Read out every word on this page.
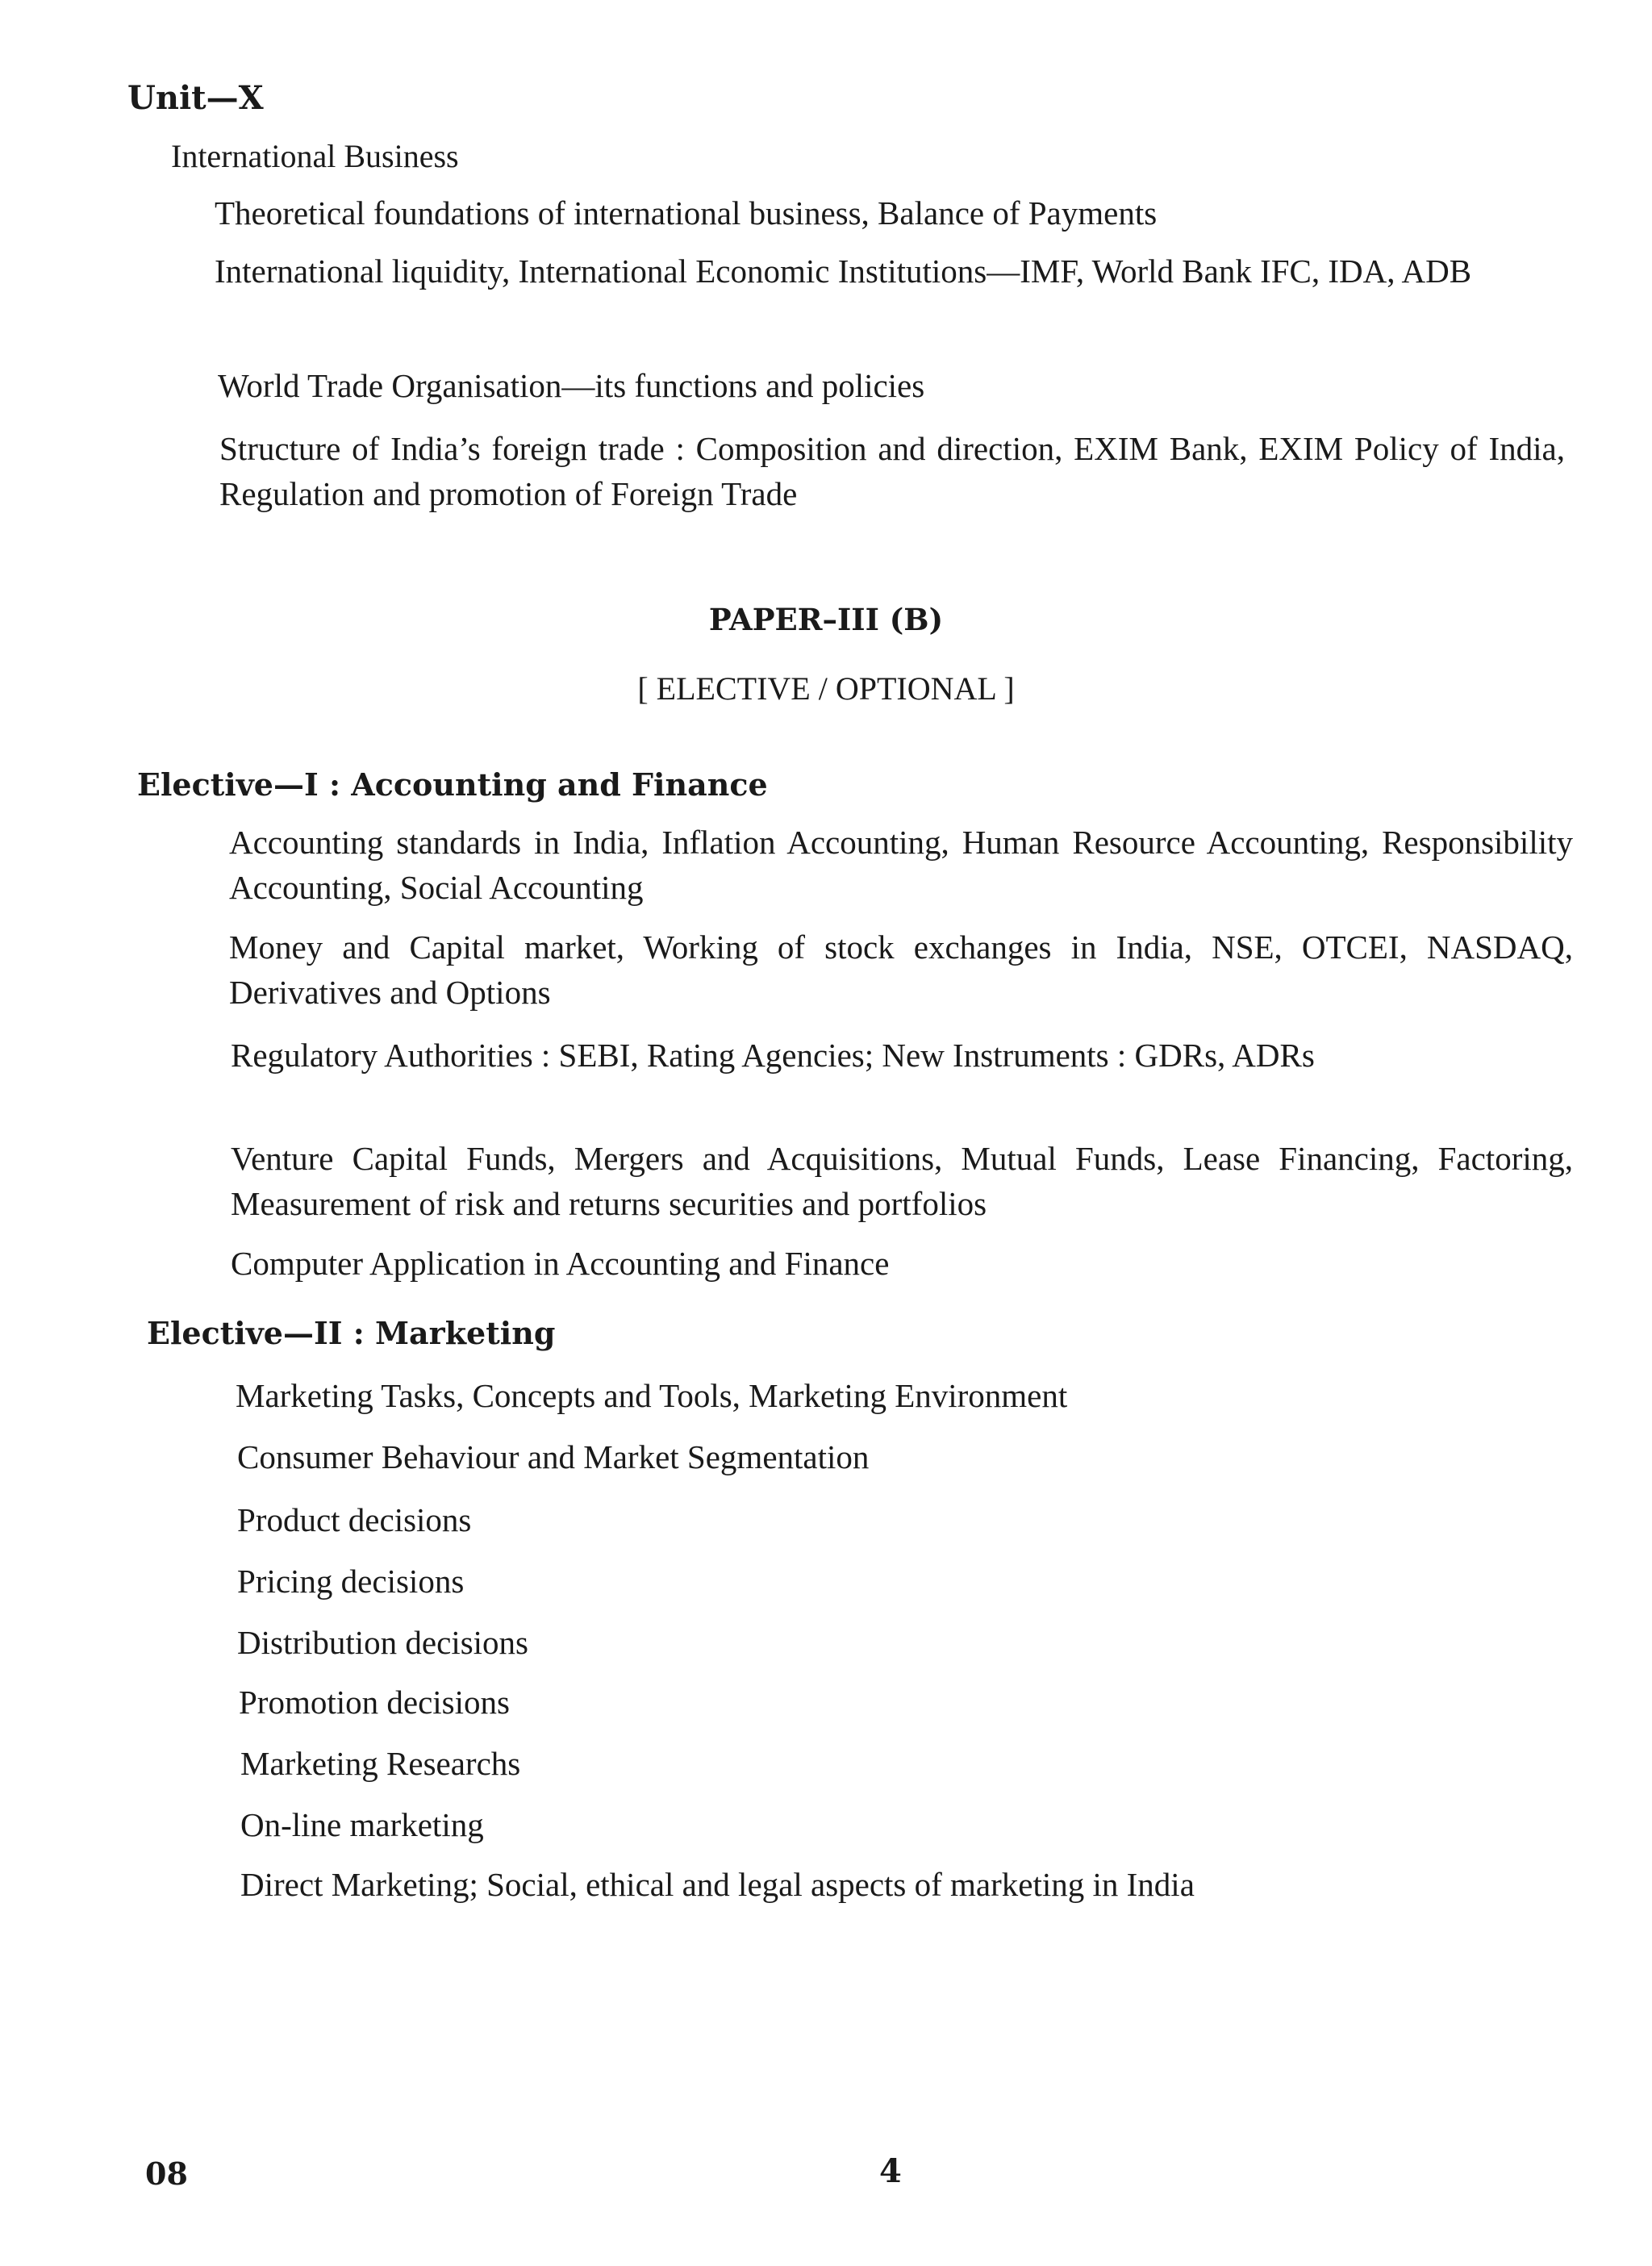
Unit—X
International Business
Theoretical foundations of international business, Balance of Payments
International liquidity, International Economic Institutions—IMF, World Bank IFC, IDA, ADB
World Trade Organisation—its functions and policies
Structure of India’s foreign trade : Composition and direction, EXIM Bank, EXIM Policy of India, Regulation and promotion of Foreign Trade
PAPER–III (B)
[ ELECTIVE / OPTIONAL ]
Elective—I : Accounting and Finance
Accounting standards in India, Inflation Accounting, Human Resource Accounting, Responsibility Accounting, Social Accounting
Money and Capital market, Working of stock exchanges in India, NSE, OTCEI, NASDAQ, Derivatives and Options
Regulatory Authorities : SEBI, Rating Agencies; New Instruments : GDRs, ADRs
Venture Capital Funds, Mergers and Acquisitions, Mutual Funds, Lease Financing, Factoring, Measurement of risk and returns securities and portfolios
Computer Application in Accounting and Finance
Elective—II : Marketing
Marketing Tasks, Concepts and Tools, Marketing Environment
Consumer Behaviour and Market Segmentation
Product decisions
Pricing decisions
Distribution decisions
Promotion decisions
Marketing Researchs
On-line marketing
Direct Marketing; Social, ethical and legal aspects of marketing in India
08	4
